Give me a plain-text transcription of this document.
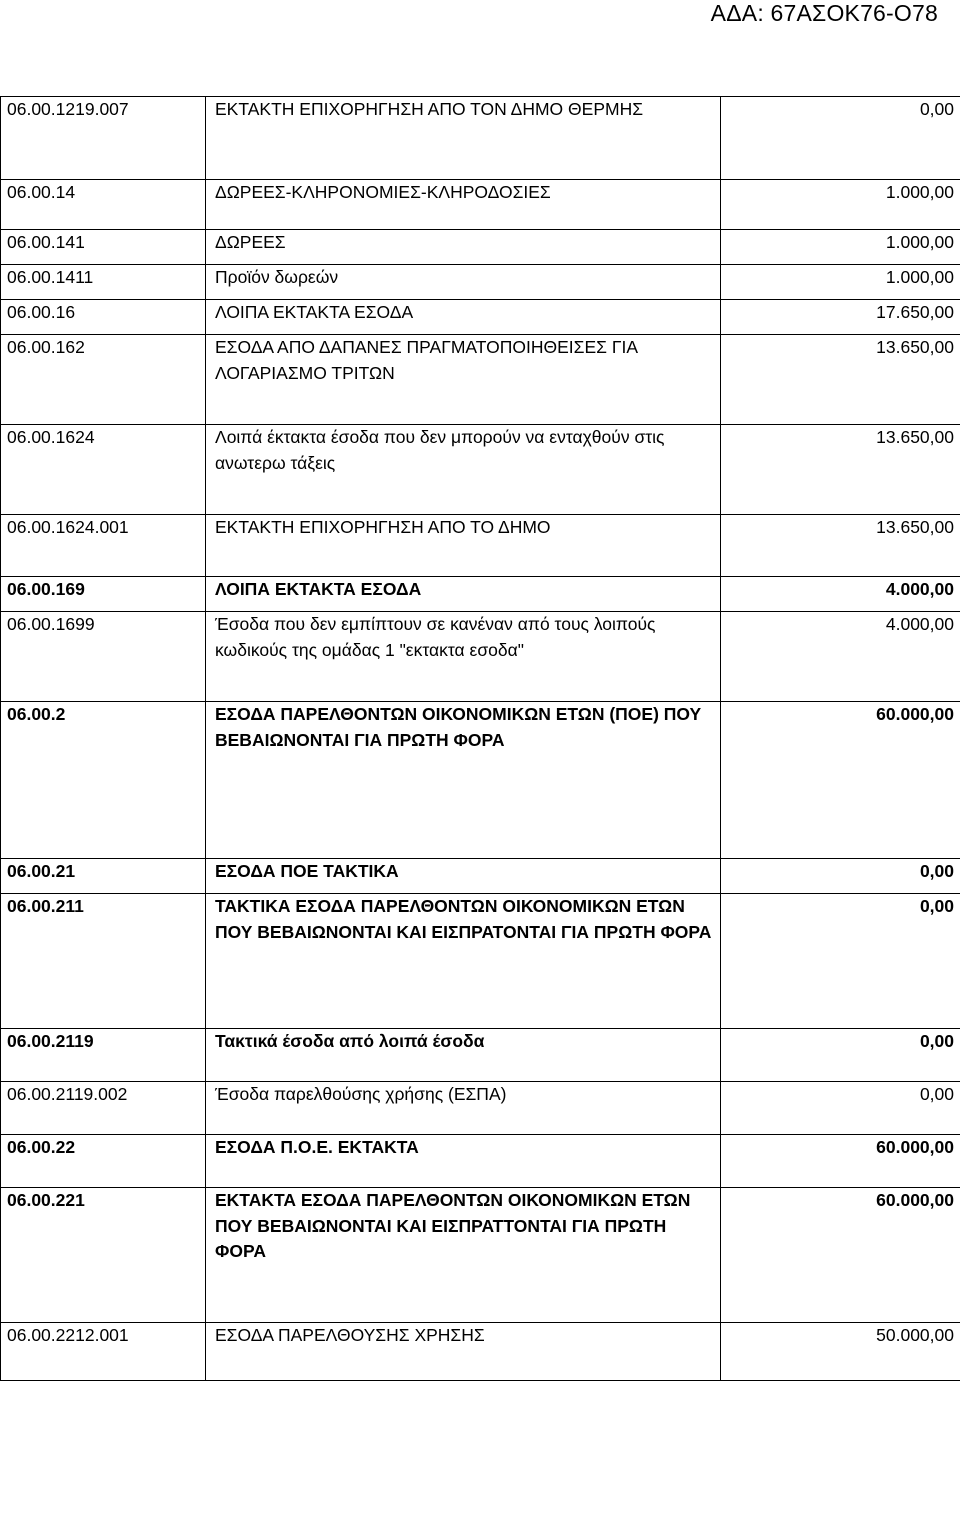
ΑΔΑ: 67ΑΣΟΚ76-Ο78
06.00.1219.007	ΕΚΤΑΚΤΗ ΕΠΙΧΟΡΗΓΗΣΗ ΑΠΟ ΤΟΝ ΔΗΜΟ ΘΕΡΜΗΣ	0,00
06.00.14	ΔΩΡΕΕΣ-ΚΛΗΡΟΝΟΜΙΕΣ-ΚΛΗΡΟΔΟΣΙΕΣ	1.000,00
06.00.141	ΔΩΡΕΕΣ	1.000,00
06.00.1411	Προϊόν δωρεών	1.000,00
06.00.16	ΛΟΙΠΑ ΕΚΤΑΚΤΑ ΕΣΟΔΑ	17.650,00
06.00.162	ΕΣΟΔΑ ΑΠΟ ΔΑΠΑΝΕΣ ΠΡΑΓΜΑΤΟΠΟΙΗΘΕΙΣΕΣ ΓΙΑ ΛΟΓΑΡΙΑΣΜΟ ΤΡΙΤΩΝ	13.650,00
06.00.1624	Λοιπά έκτακτα έσοδα που δεν μπορούν να ενταχθούν στις ανωτερω τάξεις	13.650,00
06.00.1624.001	ΕΚΤΑΚΤΗ ΕΠΙΧΟΡΗΓΗΣΗ ΑΠΟ ΤΟ ΔΗΜΟ	13.650,00
06.00.169	ΛΟΙΠΑ ΕΚΤΑΚΤΑ ΕΣΟΔΑ	4.000,00
06.00.1699	Έσοδα που δεν εμπίπτουν σε κανέναν από τους λοιπούς κωδικούς της ομάδας 1 "εκτακτα εσοδα"	4.000,00
06.00.2	ΕΣΟΔΑ ΠΑΡΕΛΘΟΝΤΩΝ ΟΙΚΟΝΟΜΙΚΩΝ ΕΤΩΝ (ΠΟΕ) ΠΟΥ ΒΕΒΑΙΩΝΟΝΤΑΙ ΓΙΑ ΠΡΩΤΗ ΦΟΡΑ	60.000,00
06.00.21	ΕΣΟΔΑ ΠΟΕ ΤΑΚΤΙΚΑ	0,00
06.00.211	ΤΑΚΤΙΚΑ ΕΣΟΔΑ ΠΑΡΕΛΘΟΝΤΩΝ ΟΙΚΟΝΟΜΙΚΩΝ ΕΤΩΝ ΠΟΥ ΒΕΒΑΙΩΝΟΝΤΑΙ ΚΑΙ ΕΙΣΠΡΑΤΟΝΤΑΙ ΓΙΑ ΠΡΩΤΗ ΦΟΡΑ	0,00
06.00.2119	Τακτικά έσοδα από λοιπά έσοδα	0,00
06.00.2119.002	Έσοδα παρελθούσης χρήσης (ΕΣΠΑ)	0,00
06.00.22	ΕΣΟΔΑ Π.Ο.Ε. ΕΚΤΑΚΤΑ	60.000,00
06.00.221	ΕΚΤΑΚΤΑ ΕΣΟΔΑ ΠΑΡΕΛΘΟΝΤΩΝ ΟΙΚΟΝΟΜΙΚΩΝ ΕΤΩΝ ΠΟΥ ΒΕΒΑΙΩΝΟΝΤΑΙ ΚΑΙ ΕΙΣΠΡΑΤΤΟΝΤΑΙ ΓΙΑ ΠΡΩΤΗ ΦΟΡΑ	60.000,00
06.00.2212.001	ΕΣΟΔΑ ΠΑΡΕΛΘΟΥΣΗΣ ΧΡΗΣΗΣ	50.000,00
